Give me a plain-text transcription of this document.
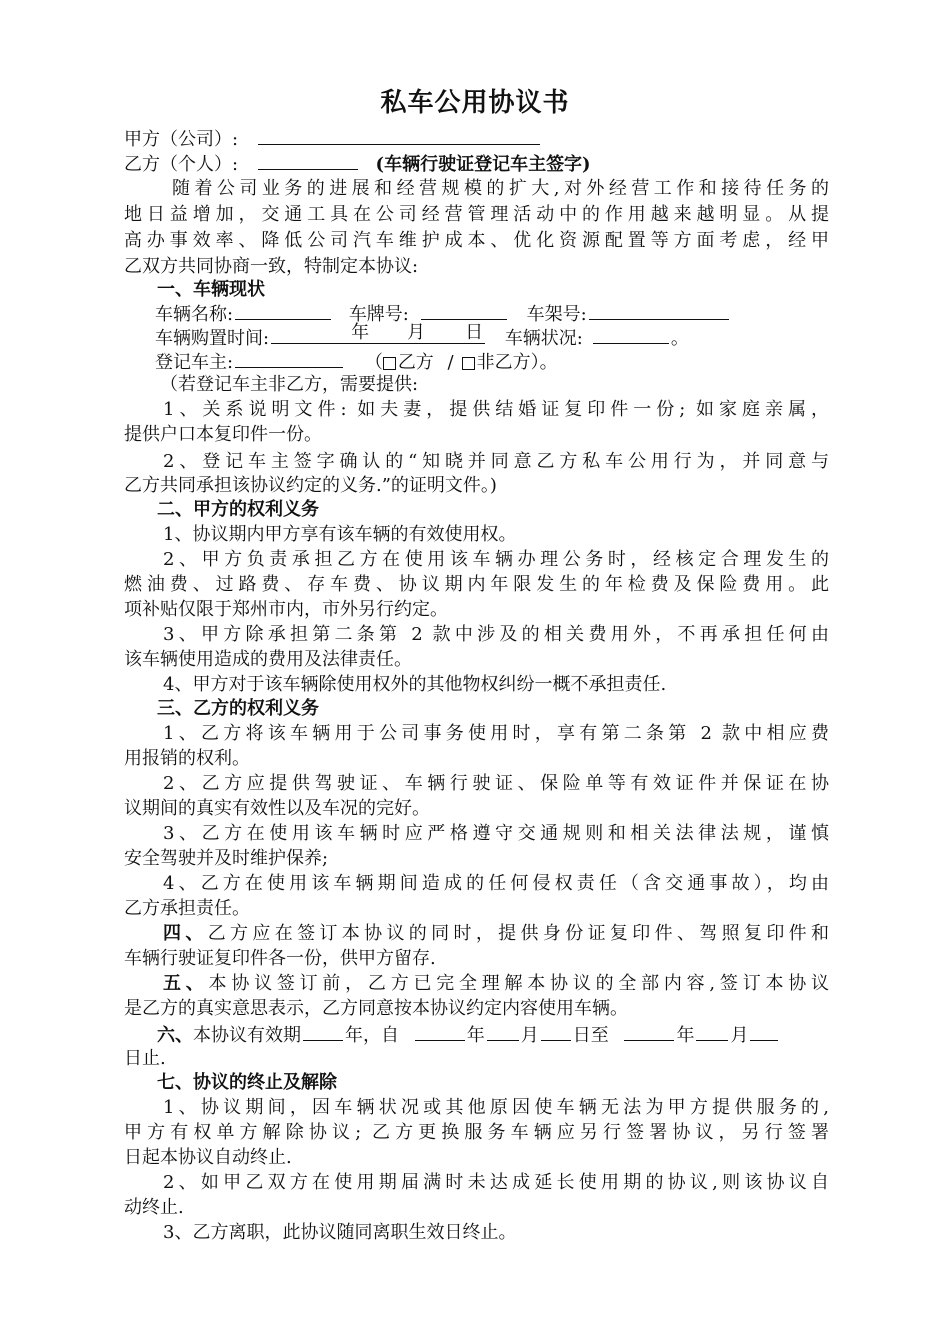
私车公用协议书
甲方（公司）:
乙方（个人）:	(车辆行驶证登记车主签字)
随着公司业务的进展和经营规模的扩大,对外经营工作和接待任务的
地日益增加，交通工具在公司经营管理活动中的作用越来越明显。从提
高办事效率、降低公司汽车维护成本、优化资源配置等方面考虑，经甲
乙双方共同协商一致，特制定本协议:
一、车辆现状
车辆名称:	车牌号:	车架号:
车辆购置时间:	年 月 日 车辆状况:	。
登记车主:	（ 乙方 / 非乙方）。
（若登记车主非乙方，需要提供:
1、关系说明文件: 如夫妻，提供结婚证复印件一份; 如家庭亲属，
提供户口本复印件一份。
2、登记车主签字确认的“知晓并同意乙方私车公用行为，并同意与
乙方共同承担该协议约定的义务.”的证明文件。)
二、甲方的权利义务
1、协议期内甲方享有该车辆的有效使用权。
2、甲方负责承担乙方在使用该车辆办理公务时，经核定合理发生的
燃油费、过路费、存车费、协议期内年限发生的年检费及保险费用。此
项补贴仅限于郑州市内，市外另行约定。
3、甲方除承担第二条第 2 款中涉及的相关费用外，不再承担任何由
该车辆使用造成的费用及法律责任。
4、甲方对于该车辆除使用权外的其他物权纠纷一概不承担责任.
三、乙方的权利义务
1、乙方将该车辆用于公司事务使用时，享有第二条第 2 款中相应费
用报销的权利。
2、乙方应提供驾驶证、车辆行驶证、保险单等有效证件并保证在协
议期间的真实有效性以及车况的完好。
3、乙方在使用该车辆时应严格遵守交通规则和相关法律法规，谨慎
安全驾驶并及时维护保养;
4、乙方在使用该车辆期间造成的任何侵权责任（含交通事故），均由
乙方承担责任。
四、乙方应在签订本协议的同时，提供身份证复印件、驾照复印件和
车辆行驶证复印件各一份，供甲方留存.
五、本协议签订前，乙方已完全理解本协议的全部内容,签订本协议
是乙方的真实意思表示，乙方同意按本协议约定内容使用车辆。
六、本协议有效期 年，自	年 月 日至	年 月
日止.
七、协议的终止及解除
1、协议期间，因车辆状况或其他原因使车辆无法为甲方提供服务的,
甲方有权单方解除协议; 乙方更换服务车辆应另行签署协议，另行签署
日起本协议自动终止.
2、如甲乙双方在使用期届满时未达成延长使用期的协议,则该协议自
动终止.
3、乙方离职，此协议随同离职生效日终止。
